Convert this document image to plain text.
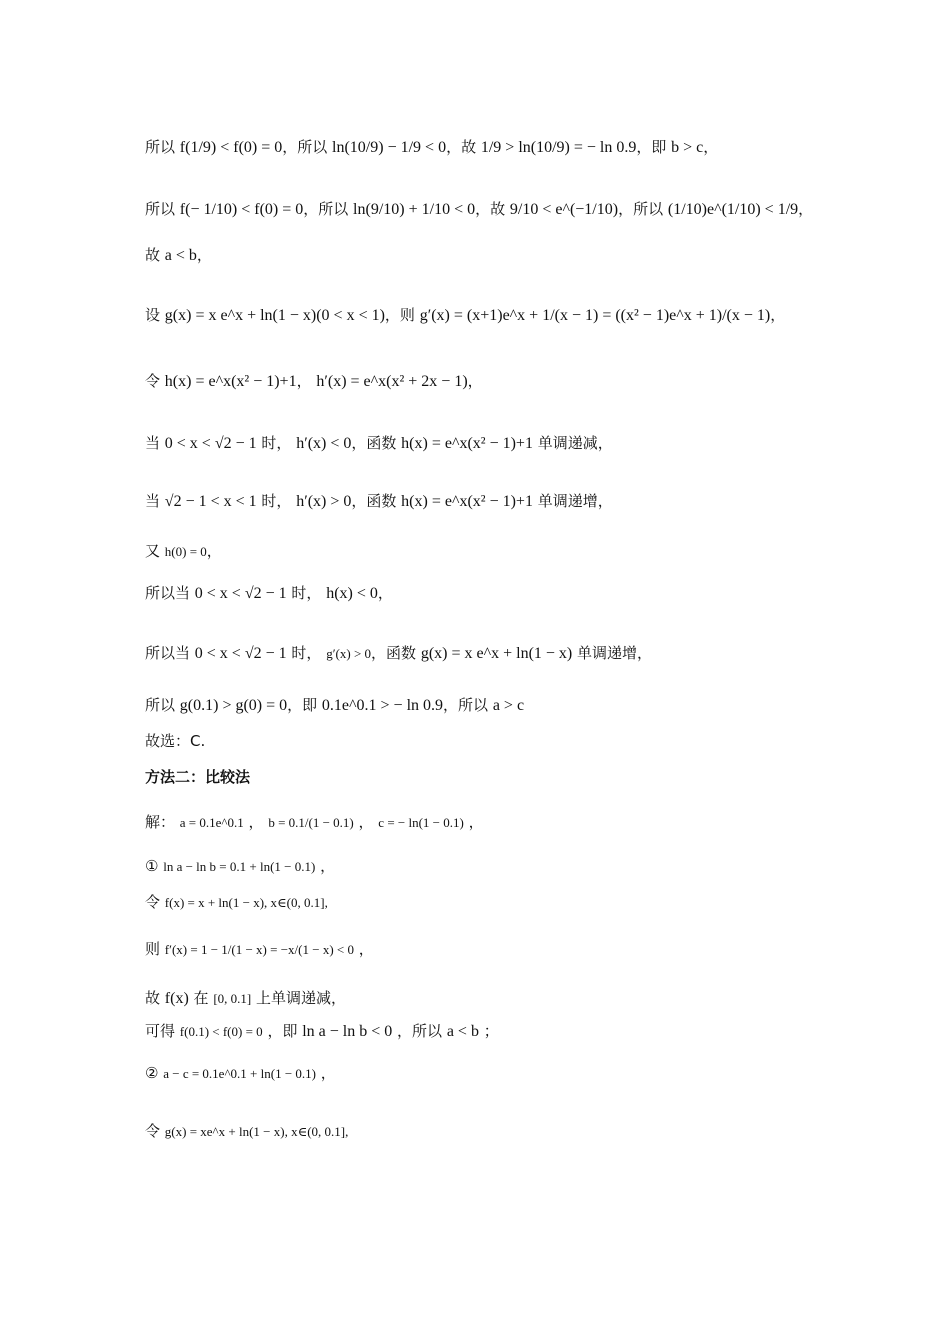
所以 f(1/9) < f(0) = 0，所以 ln(10/9) − 1/9 < 0，故 1/9 > ln(10/9) = − ln 0.9，即 b > c，
所以 f(− 1/10) < f(0) = 0，所以 ln(9/10) + 1/10 < 0，故 9/10 < e^(−1/10)，所以 (1/10)e^(1/10) < 1/9，
故 a < b，
设 g(x) = x e^x + ln(1 − x)(0 < x < 1)，则 g′(x) = (x+1)e^x + 1/(x − 1) = ((x² − 1)e^x + 1)/(x − 1)，
令 h(x) = e^x(x² − 1)+1， h′(x) = e^x(x² + 2x − 1)，
当 0 < x < √2 − 1 时， h′(x) < 0，函数 h(x) = e^x(x² − 1)+1 单调递减，
当 √2 − 1 < x < 1 时， h′(x) > 0，函数 h(x) = e^x(x² − 1)+1 单调递增，
又 h(0) = 0，
所以当 0 < x < √2 − 1 时， h(x) < 0，
所以当 0 < x < √2 − 1 时， g′(x) > 0，函数 g(x) = x e^x + ln(1 − x) 单调递增，
所以 g(0.1) > g(0) = 0，即 0.1e^0.1 > − ln 0.9，所以 a > c
故选：C.
方法二：比较法
解： a = 0.1e^0.1 ， b = 0.1/(1 − 0.1) ， c = − ln(1 − 0.1) ，
① ln a − ln b = 0.1 + ln(1 − 0.1) ，
令 f(x) = x + ln(1 − x), x∈(0, 0.1],
则 f′(x) = 1 − 1/(1 − x) = −x/(1 − x) < 0 ，
故 f(x) 在 [0, 0.1] 上单调递减，
可得 f(0.1) < f(0) = 0 ，即 ln a − ln b < 0 ，所以 a < b ；
② a − c = 0.1e^0.1 + ln(1 − 0.1) ，
令 g(x) = xe^x + ln(1 − x), x∈(0, 0.1],
